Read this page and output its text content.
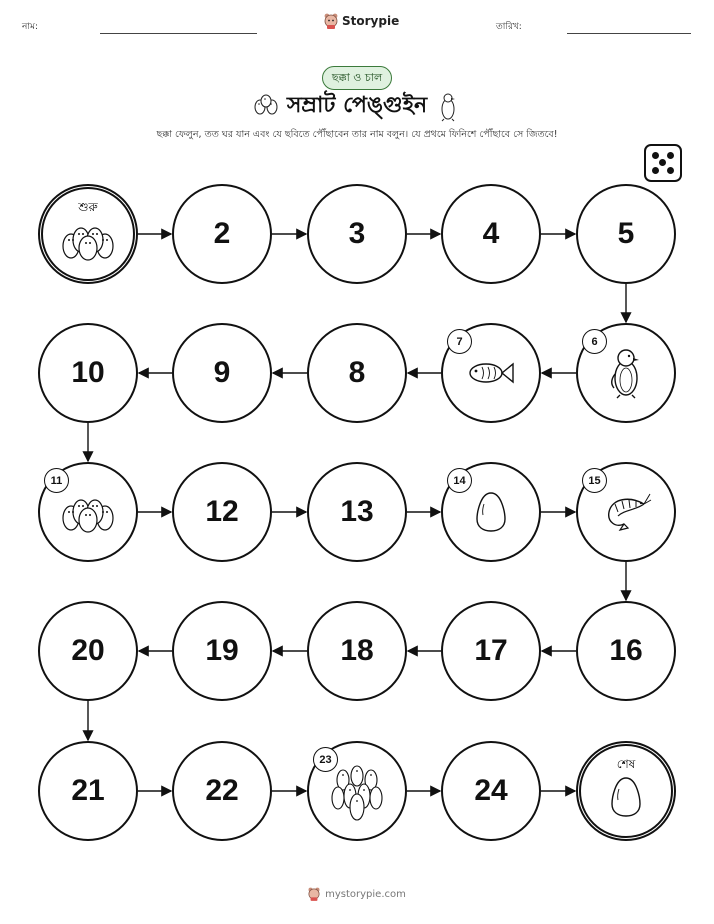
নাম:	Storypie	তারিখ:
ছক্কা ও চাল
সম্রাট পেঙ্গুইন
ছক্কা ফেলুন, তত ঘর যান এবং যে ছবিতে পৌঁছাবেন তার নাম বলুন। যে প্রথমে ফিনিশে পৌঁছাবে সে জিতবে!
শুরু
2	3	4	5
6
7
8
9
10
11
12	13
14	15
16
17
18
19
20
21	22
23
24
শেষ
mystorypie.com
